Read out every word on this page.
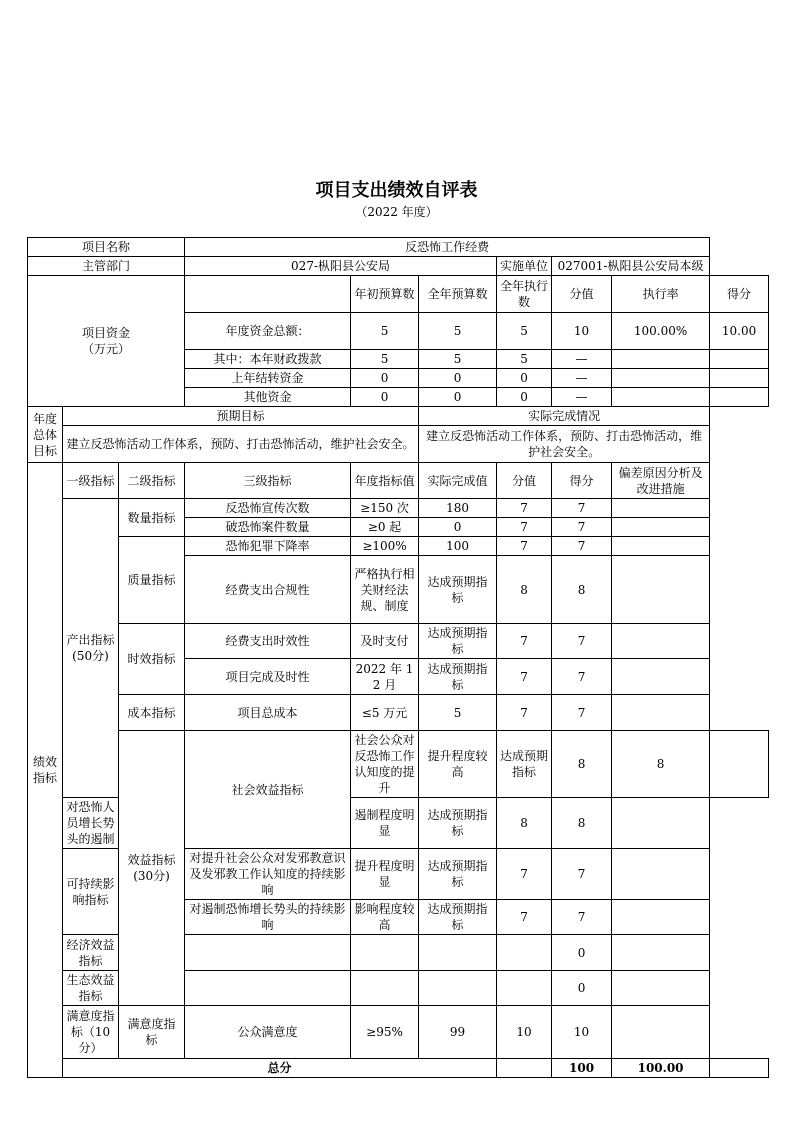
项目支出绩效自评表
（2022 年度）
项目名称			反恐怖工作经费						
主管部门			027-枞阳县公安局			实施单位	027001-枞阳县公安局本级		
项目资金
（万元）				年初预算数	全年预算数	全年执行数	分值	执行率	得分
			年度资金总额：	5	5	5	10	100.00%	10.00
			其中：本年财政拨款	5	5	5	—		
			上年结转资金	0	0	0	—		
			其他资金	0	0	0	—		
年度总体目标	预期目标				实际完成情况				
	建立反恐怖活动工作体系，预防、打击恐怖活动，维护社会安全。				建立反恐怖活动工作体系，预防、打击恐怖活动，维护社会安全。				
绩效指标	一级指标	二级指标	三级指标	年度指标值	实际完成值	分值	得分	偏差原因分析及改进措施	
	产出指标(50分)	数量指标	反恐怖宣传次数	≥150 次	180	7	7		
			破恐怖案件数量	≥0 起	0	7	7		
		质量指标	恐怖犯罪下降率	≥100%	100	7	7		
			经费支出合规性	严格执行相关财经法规、制度	达成预期指标	8	8		
		时效指标	经费支出时效性	及时支付	达成预期指标	7	7		
			项目完成及时性	2022 年 12 月	达成预期指标	7	7		
		成本指标	项目总成本	≤5 万元	5	7	7		
		效益指标(30分)	社会效益指标	社会公众对反恐怖工作认知度的提升	提升程度较高	达成预期指标	8	8	
	对恐怖人员增长势头的遏制			遏制程度明显	达成预期指标	8	8		
	可持续影响指标		对提升社会公众对发邪教意识及发邪教工作认知度的持续影响	提升程度明显	达成预期指标	7	7		
			对遏制恐怖增长势头的持续影响	影响程度较高	达成预期指标	7	7		
	经济效益指标						0		
	生态效益指标						0		
	满意度指标（10分）	满意度指标	公众满意度	≥95%	99	10	10		
	总分						100	100.00	
